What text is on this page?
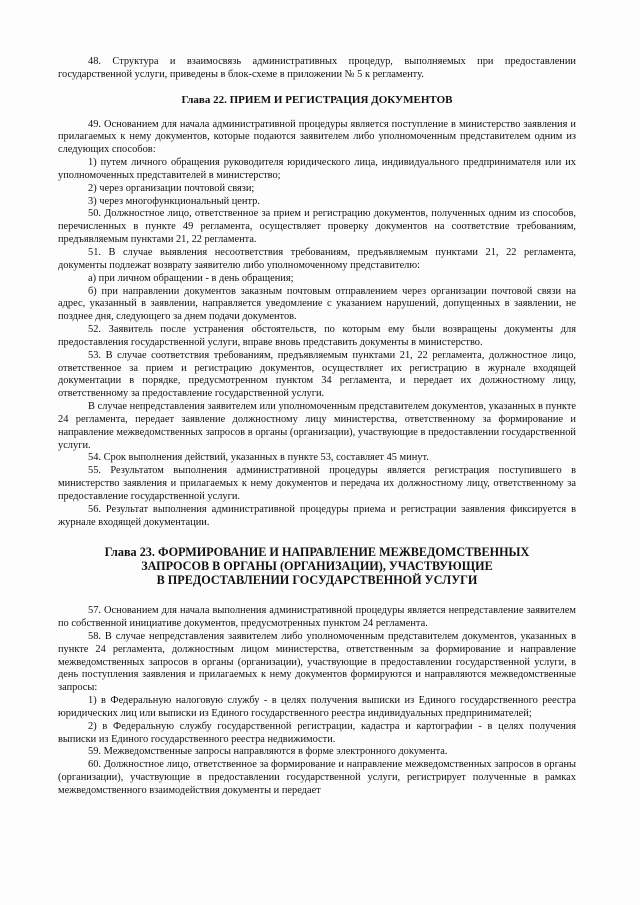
48. Структура и взаимосвязь административных процедур, выполняемых при предоставлении государственной услуги, приведены в блок-схеме в приложении № 5 к регламенту.

Глава 22. ПРИЕМ И РЕГИСТРАЦИЯ ДОКУМЕНТОВ

49. Основанием для начала административной процедуры является поступление в министерство заявления и прилагаемых к нему документов, которые подаются заявителем либо уполномоченным представителем одним из следующих способов:

1) путем личного обращения руководителя юридического лица, индивидуального предпринимателя или их уполномоченных представителей в министерство;

2) через организации почтовой связи;

3) через многофункциональный центр.

50. Должностное лицо, ответственное за прием и регистрацию документов, полученных одним из способов, перечисленных в пункте 49 регламента, осуществляет проверку документов на соответствие требованиям, предъявляемым пунктами 21, 22 регламента.

51. В случае выявления несоответствия требованиям, предъявляемым пунктами 21, 22 регламента, документы подлежат возврату заявителю либо уполномоченному представителю:

а) при личном обращении - в день обращения;

б) при направлении документов заказным почтовым отправлением через организации почтовой связи на адрес, указанный в заявлении, направляется уведомление с указанием нарушений, допущенных в заявлении, не позднее дня, следующего за днем подачи документов.

52. Заявитель после устранения обстоятельств, по которым ему были возвращены документы для предоставления государственной услуги, вправе вновь представить документы в министерство.

53. В случае соответствия требованиям, предъявляемым пунктами 21, 22 регламента, должностное лицо, ответственное за прием и регистрацию документов, осуществляет их регистрацию в журнале входящей документации в порядке, предусмотренном пунктом 34 регламента, и передает их должностному лицу, ответственному за предоставление государственной услуги.

В случае непредставления заявителем или уполномоченным представителем документов, указанных в пункте 24 регламента, передает заявление должностному лицу министерства, ответственному за формирование и направление межведомственных запросов в органы (организации), участвующие в предоставлении государственной услуги.

54. Срок выполнения действий, указанных в пункте 53, составляет 45 минут.

55. Результатом выполнения административной процедуры является регистрация поступившего в министерство заявления и прилагаемых к нему документов и передача их должностному лицу, ответственному за предоставление государственной услуги.

56. Результат выполнения административной процедуры приема и регистрации заявления фиксируется в журнале входящей документации.

Глава 23. ФОРМИРОВАНИЕ И НАПРАВЛЕНИЕ МЕЖВЕДОМСТВЕННЫХ
ЗАПРОСОВ В ОРГАНЫ (ОРГАНИЗАЦИИ), УЧАСТВУЮЩИЕ
В ПРЕДОСТАВЛЕНИИ ГОСУДАРСТВЕННОЙ УСЛУГИ

57. Основанием для начала выполнения административной процедуры является непредставление заявителем по собственной инициативе документов, предусмотренных пунктом 24 регламента.

58. В случае непредставления заявителем либо уполномоченным представителем документов, указанных в пункте 24 регламента, должностным лицом министерства, ответственным за формирование и направление межведомственных запросов в органы (организации), участвующие в предоставлении государственной услуги, в день поступления заявления и прилагаемых к нему документов формируются и направляются межведомственные запросы:

1) в Федеральную налоговую службу - в целях получения выписки из Единого государственного реестра юридических лиц или выписки из Единого государственного реестра индивидуальных предпринимателей;

2) в Федеральную службу государственной регистрации, кадастра и картографии - в целях получения выписки из Единого государственного реестра недвижимости.

59. Межведомственные запросы направляются в форме электронного документа.

60. Должностное лицо, ответственное за формирование и направление межведомственных запросов в органы (организации), участвующие в предоставлении государственной услуги, регистрирует полученные в рамках межведомственного взаимодействия документы и передает
